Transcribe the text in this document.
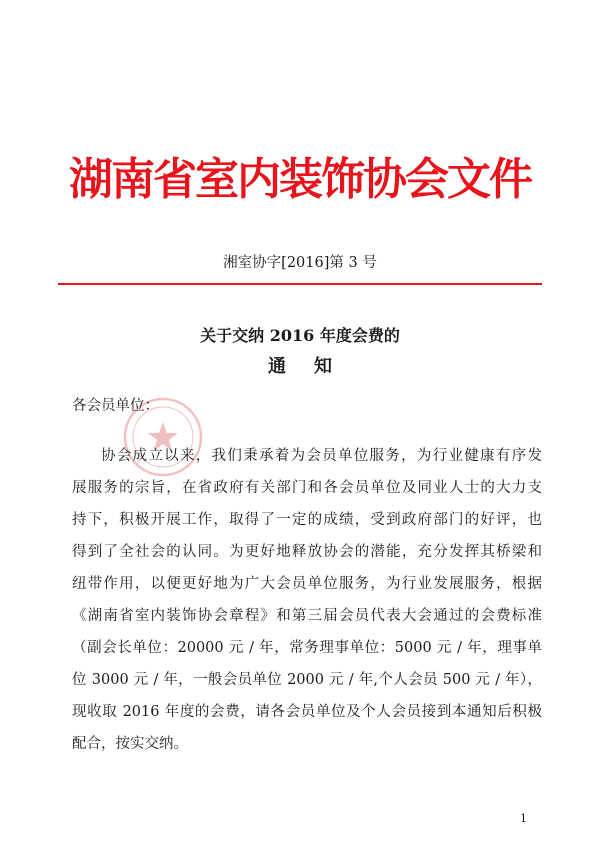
湖南省室内装饰协会文件
湘室协字[2016]第 3 号
关于交纳 2016 年度会费的
通知
各会员单位：
协会成立以来，我们秉承着为会员单位服务，为行业健康有序发
展服务的宗旨，在省政府有关部门和各会员单位及同业人士的大力支
持下，积极开展工作，取得了一定的成绩，受到政府部门的好评，也
得到了全社会的认同。为更好地释放协会的潜能，充分发挥其桥梁和
纽带作用，以便更好地为广大会员单位服务，为行业发展服务，根据
《湖南省室内装饰协会章程》和第三届会员代表大会通过的会费标准
（副会长单位：20000 元 / 年，常务理事单位：5000 元 / 年，理事单
位 3000 元 / 年，一般会员单位 2000 元 / 年,个人会员 500 元 / 年），
现收取 2016 年度的会费，请各会员单位及个人会员接到本通知后积极
配合，按实交纳。
1
